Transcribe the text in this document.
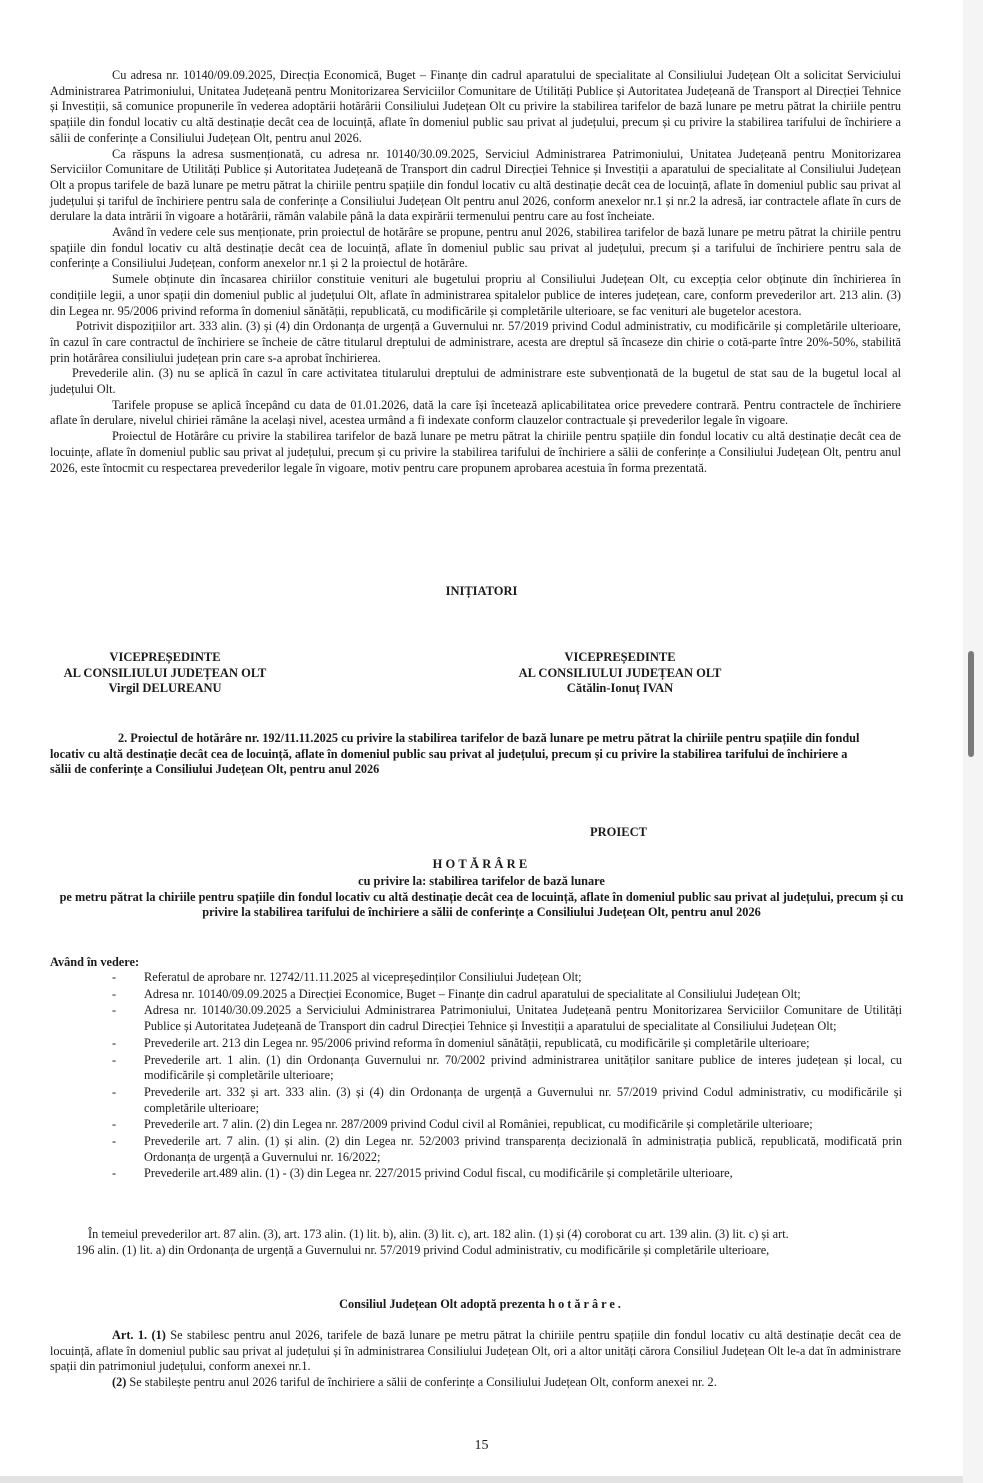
Cu adresa nr. 10140/09.09.2025, Direcția Economică, Buget – Finanțe din cadrul aparatului de specialitate al Consiliului Județean Olt a solicitat Serviciului Administrarea Patrimoniului, Unitatea Județeană pentru Monitorizarea Serviciilor Comunitare de Utilități Publice și Autoritatea Județeană de Transport al Direcției Tehnice și Investiții, să comunice propunerile în vederea adoptării hotărârii Consiliului Județean Olt cu privire la stabilirea tarifelor de bază lunare pe metru pătrat la chiriile pentru spațiile din fondul locativ cu altă destinație decât cea de locuință, aflate în domeniul public sau privat al județului, precum și cu privire la stabilirea tarifului de închiriere a sălii de conferințe a Consiliului Județean Olt, pentru anul 2026.

Ca răspuns la adresa susmenționată, cu adresa nr. 10140/30.09.2025, Serviciul Administrarea Patrimoniului, Unitatea Județeană pentru Monitorizarea Serviciilor Comunitare de Utilități Publice și Autoritatea Județeană de Transport din cadrul Direcției Tehnice și Investiții a aparatului de specialitate al Consiliului Județean Olt a propus tarifele de bază lunare pe metru pătrat la chiriile pentru spațiile din fondul locativ cu altă destinație decât cea de locuință, aflate în domeniul public sau privat al județului și tariful de închiriere pentru sala de conferințe a Consiliului Județean Olt pentru anul 2026, conform anexelor nr.1 și nr.2 la adresă, iar contractele aflate în curs de derulare la data intrării în vigoare a hotărârii, rămân valabile până la data expirării termenului pentru care au fost încheiate.

Având în vedere cele sus menționate, prin proiectul de hotărâre se propune, pentru anul 2026, stabilirea tarifelor de bază lunare pe metru pătrat la chiriile pentru spațiile din fondul locativ cu altă destinație decât cea de locuință, aflate în domeniul public sau privat al județului, precum și a tarifului de închiriere pentru sala de conferințe a Consiliului Județean, conform anexelor nr.1 și 2 la proiectul de hotărâre.

Sumele obținute din încasarea chiriilor constituie venituri ale bugetului propriu al Consiliului Județean Olt, cu excepția celor obținute din închirierea în condițiile legii, a unor spații din domeniul public al județului Olt, aflate în administrarea spitalelor publice de interes județean, care, conform prevederilor art. 213 alin. (3) din Legea nr. 95/2006 privind reforma în domeniul sănătății, republicată, cu modificările și completările ulterioare, se fac venituri ale bugetelor acestora.

Potrivit dispozițiilor art. 333 alin. (3) și (4) din Ordonanța de urgență a Guvernului nr. 57/2019 privind Codul administrativ, cu modificările și completările ulterioare, în cazul în care contractul de închiriere se încheie de către titularul dreptului de administrare, acesta are dreptul să încaseze din chirie o cotă-parte între 20%-50%, stabilită prin hotărârea consiliului județean prin care s-a aprobat închirierea.

Prevederile alin. (3) nu se aplică în cazul în care activitatea titularului dreptului de administrare este subvenționată de la bugetul de stat sau de la bugetul local al județului Olt.

Tarifele propuse se aplică începând cu data de 01.01.2026, dată la care își încetează aplicabilitatea orice prevedere contrară. Pentru contractele de închiriere aflate în derulare, nivelul chiriei rămâne la același nivel, acestea urmând a fi indexate conform clauzelor contractuale și prevederilor legale în vigoare.

Proiectul de Hotărâre cu privire la stabilirea tarifelor de bază lunare pe metru pătrat la chiriile pentru spațiile din fondul locativ cu altă destinație decât cea de locuințe, aflate în domeniul public sau privat al județului, precum și cu privire la stabilirea tarifului de închiriere a sălii de conferințe a Consiliului Județean Olt, pentru anul 2026, este întocmit cu respectarea prevederilor legale în vigoare, motiv pentru care propunem aprobarea acestuia în forma prezentată.

INIȚIATORI
VICEPREȘEDINTE
AL CONSILIULUI JUDEȚEAN OLT
Virgil DELUREANU
VICEPREȘEDINTE
AL CONSILIULUI JUDEȚEAN OLT
Cătălin-Ionuț IVAN

2. Proiectul de hotărâre nr. 192/11.11.2025 cu privire la stabilirea tarifelor de bază lunare pe metru pătrat la chiriile pentru spațiile din fondul locativ cu altă destinație decât cea de locuință, aflate în domeniul public sau privat al județului, precum și cu privire la stabilirea tarifului de închiriere a sălii de conferințe a Consiliului Județean Olt, pentru anul 2026

PROIECT
HOTĂRÂRE
cu privire la: stabilirea tarifelor de bază lunare
pe metru pătrat la chiriile pentru spațiile din fondul locativ cu altă destinație decât cea de locuință, aflate în domeniul public sau privat al județului, precum și cu privire la stabilirea tarifului de închiriere a sălii de conferințe a Consiliului Județean Olt, pentru anul 2026
Având în vedere:
- Referatul de aprobare nr. 12742/11.11.2025 al vicepreședinților Consiliului Județean Olt;
- Adresa nr. 10140/09.09.2025 a Direcției Economice, Buget – Finanțe din cadrul aparatului de specialitate al Consiliului Județean Olt;
- Adresa nr. 10140/30.09.2025 a Serviciului Administrarea Patrimoniului, Unitatea Județeană pentru Monitorizarea Serviciilor Comunitare de Utilități Publice și Autoritatea Județeană de Transport din cadrul Direcției Tehnice și Investiții a aparatului de specialitate al Consiliului Județean Olt;
- Prevederile art. 213 din Legea nr. 95/2006 privind reforma în domeniul sănătății, republicată, cu modificările și completările ulterioare;
- Prevederile art. 1 alin. (1) din Ordonanța Guvernului nr. 70/2002 privind administrarea unităților sanitare publice de interes județean și local, cu modificările și completările ulterioare;
- Prevederile art. 332 și art. 333 alin. (3) și (4) din Ordonanța de urgență a Guvernului nr. 57/2019 privind Codul administrativ, cu modificările și completările ulterioare;
- Prevederile art. 7 alin. (2) din Legea nr. 287/2009 privind Codul civil al României, republicat, cu modificările și completările ulterioare;
- Prevederile art. 7 alin. (1) și alin. (2) din Legea nr. 52/2003 privind transparența decizională în administrația publică, republicată, modificată prin Ordonanța de urgență a Guvernului nr. 16/2022;
- Prevederile art.489 alin. (1) - (3) din Legea nr. 227/2015 privind Codul fiscal, cu modificările și completările ulterioare,
În temeiul prevederilor art. 87 alin. (3), art. 173 alin. (1) lit. b), alin. (3) lit. c), art. 182 alin. (1) și (4) coroborat cu art. 139 alin. (3) lit. c) și art.
196 alin. (1) lit. a) din Ordonanța de urgență a Guvernului nr. 57/2019 privind Codul administrativ, cu modificările și completările ulterioare,
Consiliul Județean Olt adoptă prezenta hotărâre.

Art. 1. (1) Se stabilesc pentru anul 2026, tarifele de bază lunare pe metru pătrat la chiriile pentru spațiile din fondul locativ cu altă destinație decât cea de locuință, aflate în domeniul public sau privat al județului și în administrarea Consiliului Județean Olt, ori a altor unități cărora Consiliul Județean Olt le-a dat în administrare spații din patrimoniul județului, conform anexei nr.1.

(2) Se stabilește pentru anul 2026 tariful de închiriere a sălii de conferințe a Consiliului Județean Olt, conform anexei nr. 2.

15
